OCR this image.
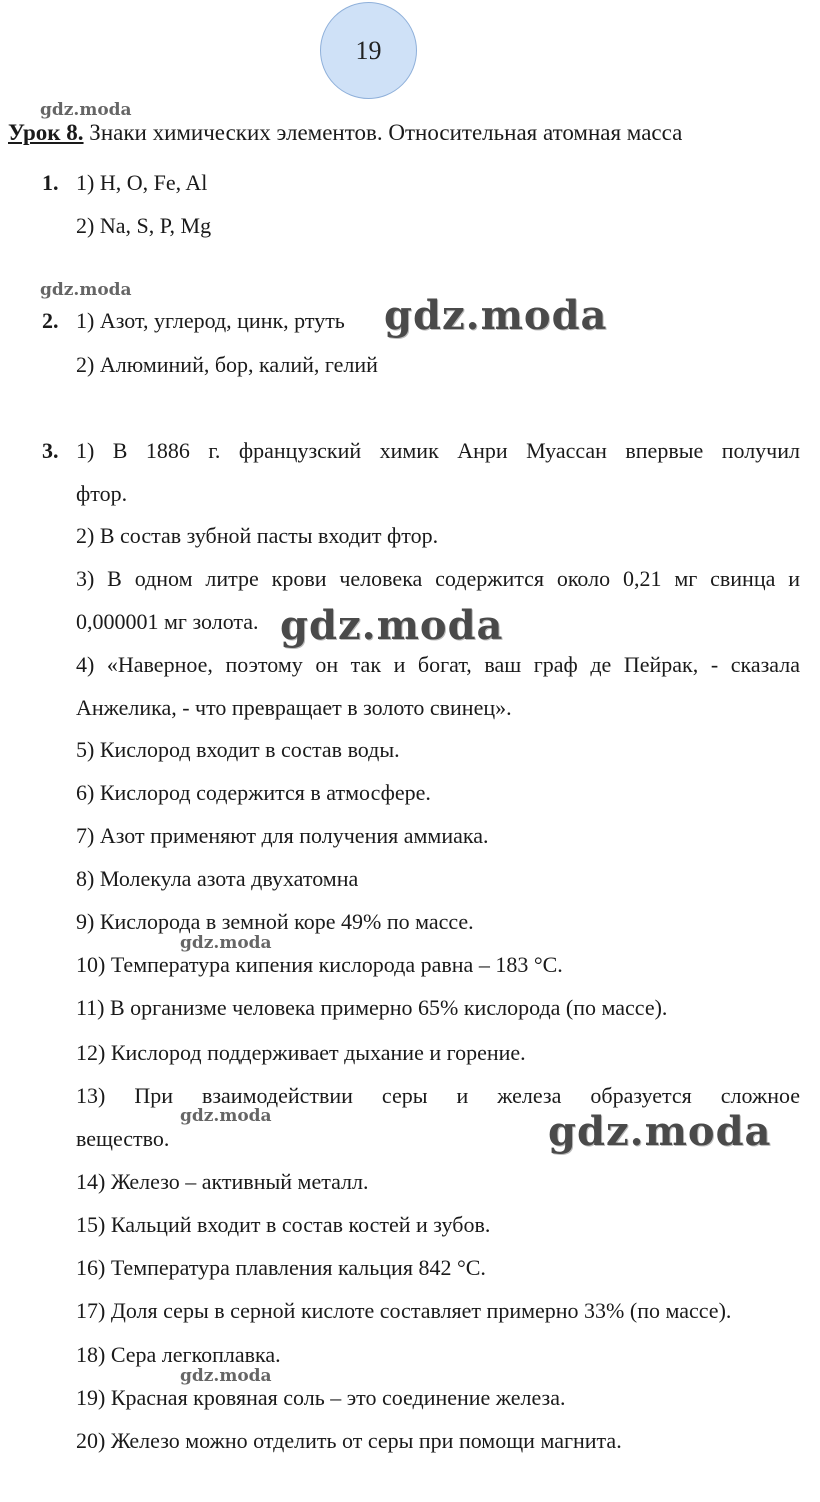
19
Урок 8. Знаки химических элементов. Относительная атомная масса
1. 1) H, O, Fe, Al
2) Na, S, P, Mg
2. 1) Азот, углерод, цинк, ртуть
2) Алюминий, бор, калий, гелий
3. 1) В 1886 г. французский химик Анри Муассан впервые получил
фтор.
2) В состав зубной пасты входит фтор.
3) В одном литре крови человека содержится около 0,21 мг свинца и
0,000001 мг золота.
4) «Наверное, поэтому он так и богат, ваш граф де Пейрак, - сказала
Анжелика, - что превращает в золото свинец».
5) Кислород входит в состав воды.
6) Кислород содержится в атмосфере.
7) Азот применяют для получения аммиака.
8) Молекула азота двухатомна
9) Кислорода в земной коре 49% по массе.
10) Температура кипения кислорода равна – 183 °С.
11) В организме человека примерно 65% кислорода (по массе).
12) Кислород поддерживает дыхание и горение.
13) При взаимодействии серы и железа образуется сложное
вещество.
14) Железо – активный металл.
15) Кальций входит в состав костей и зубов.
16) Температура плавления кальция 842 °С.
17) Доля серы в серной кислоте составляет примерно 33% (по массе).
18) Сера легкоплавка.
19) Красная кровяная соль – это соединение железа.
20) Железо можно отделить от серы при помощи магнита.
gdz.moda
gdz.moda
gdz.moda
gdz.moda
gdz.moda
gdz.moda	gdz.moda
gdz.moda
